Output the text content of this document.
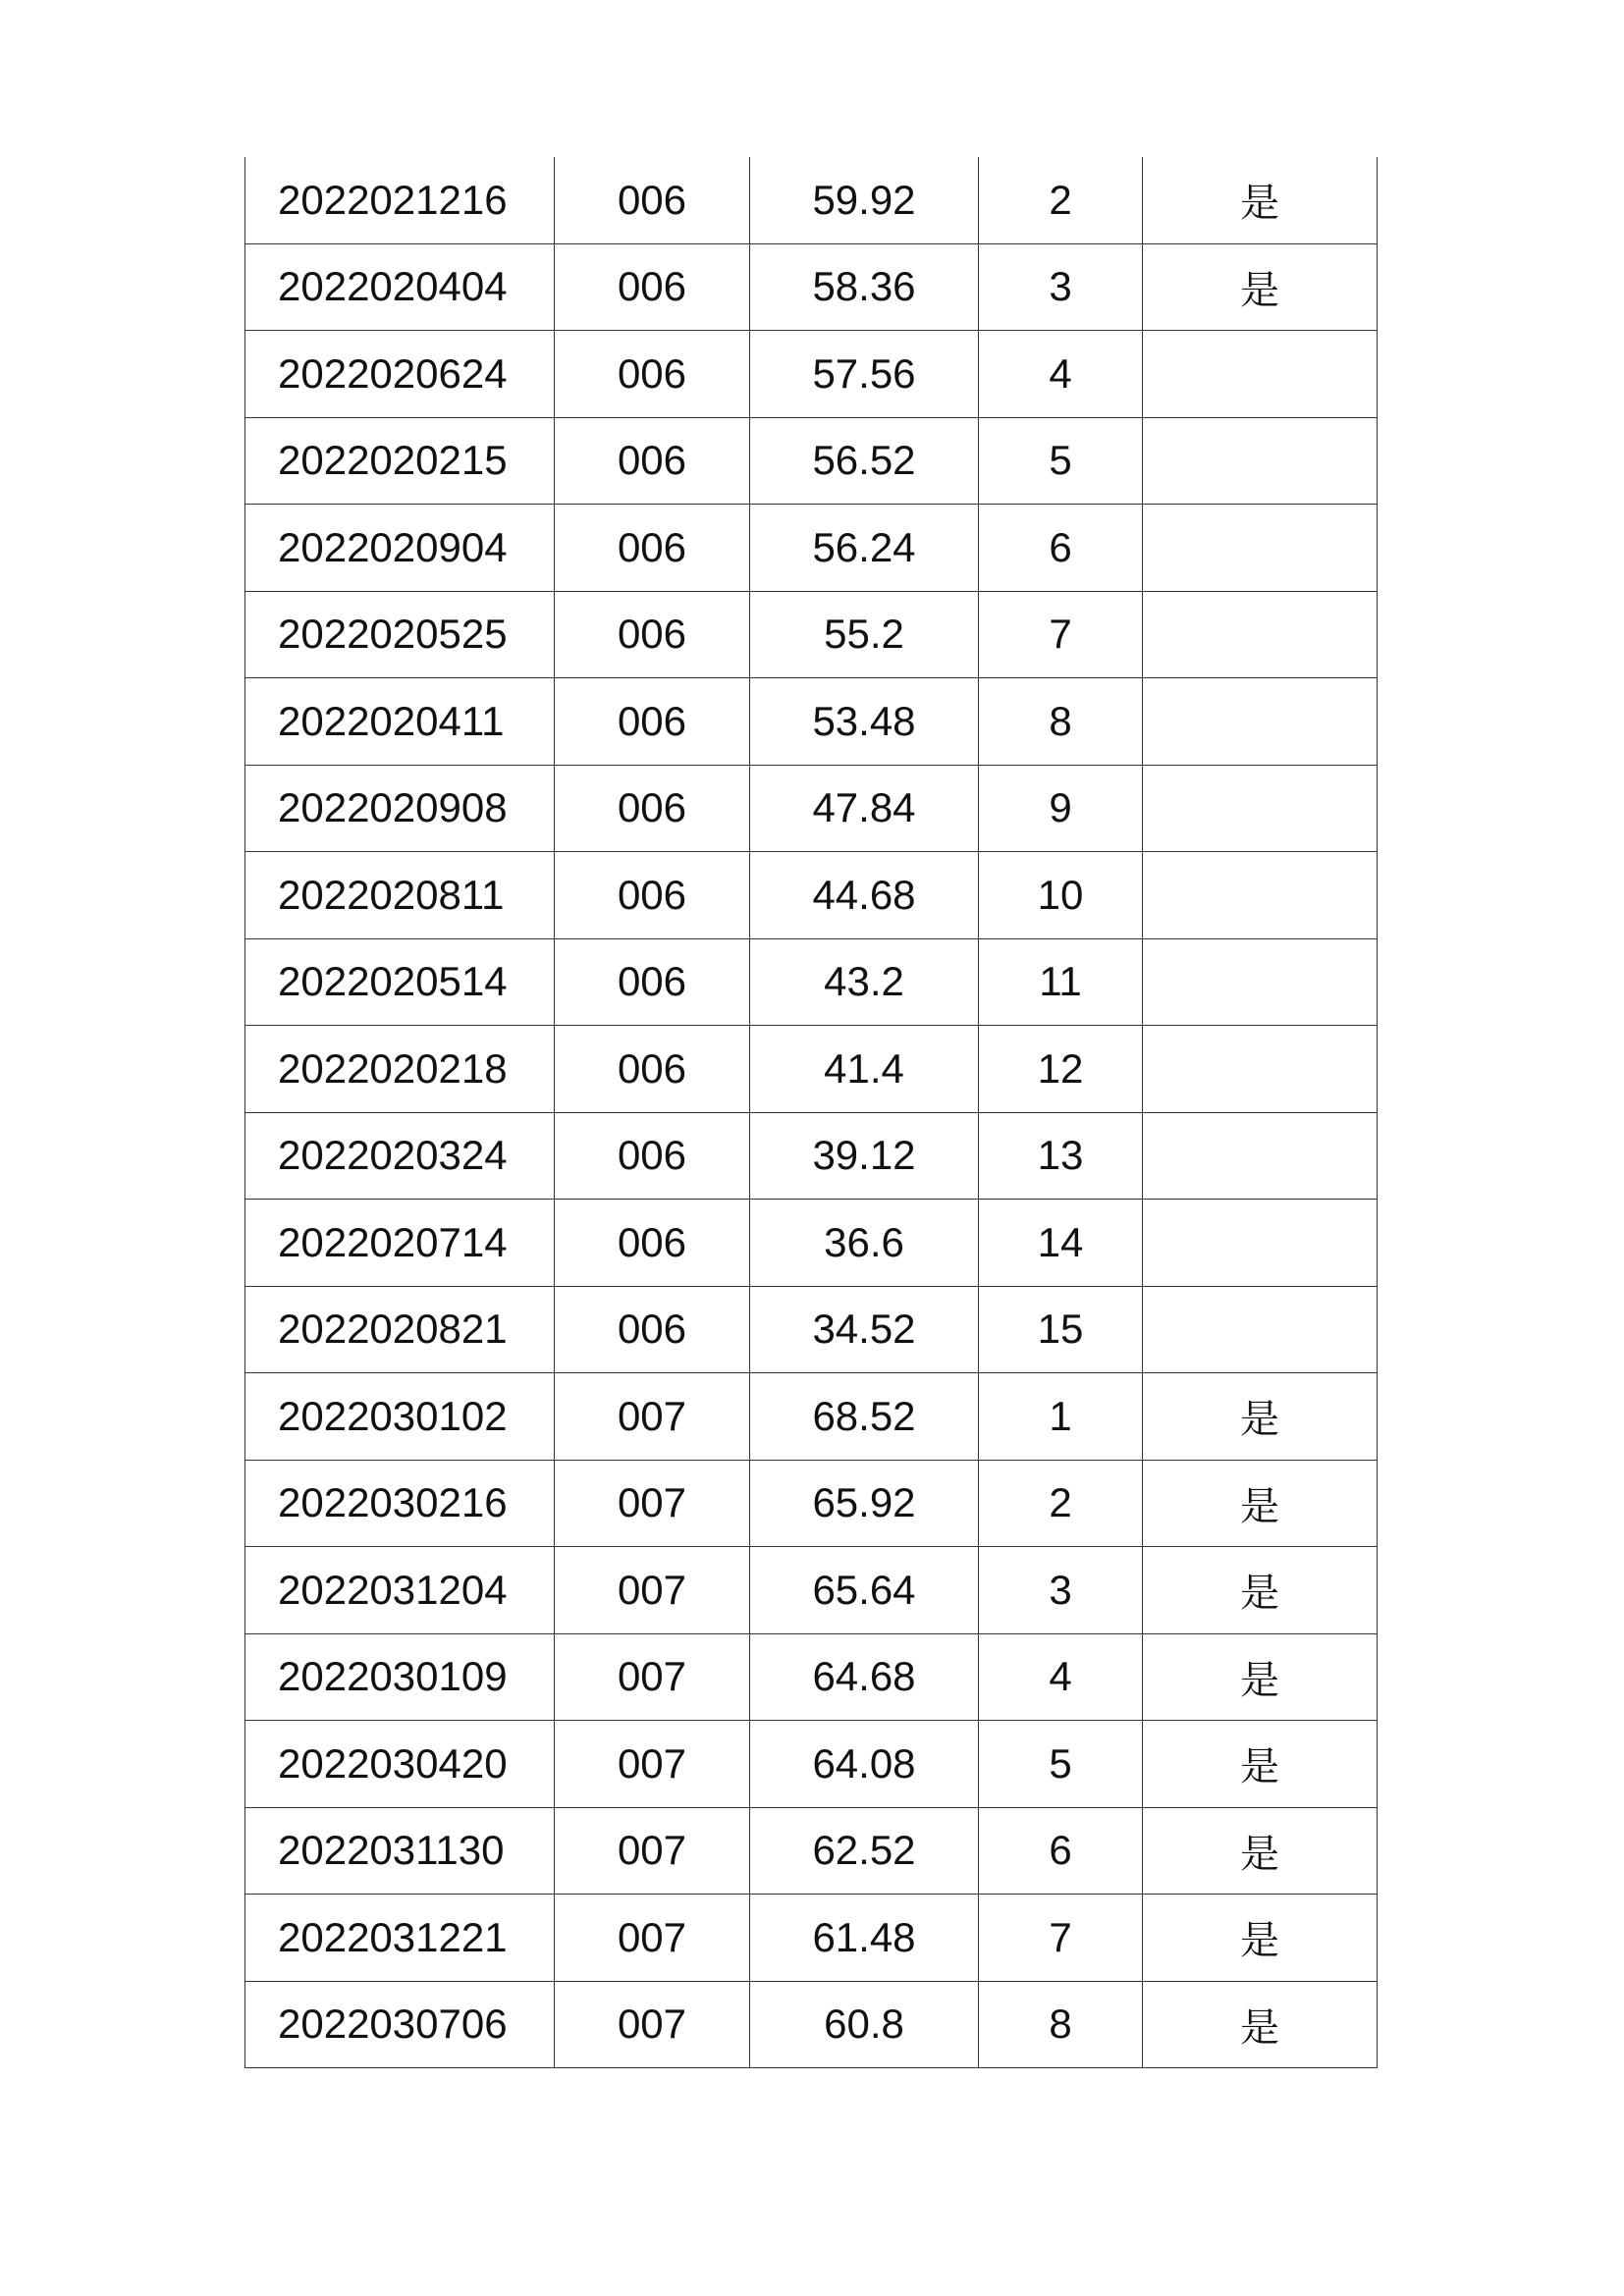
2022021216	006	59.92	2	是
2022020404	006	58.36	3	是
2022020624	006	57.56	4	
2022020215	006	56.52	5	
2022020904	006	56.24	6	
2022020525	006	55.2	7	
2022020411	006	53.48	8	
2022020908	006	47.84	9	
2022020811	006	44.68	10	
2022020514	006	43.2	11	
2022020218	006	41.4	12	
2022020324	006	39.12	13	
2022020714	006	36.6	14	
2022020821	006	34.52	15	
2022030102	007	68.52	1	是
2022030216	007	65.92	2	是
2022031204	007	65.64	3	是
2022030109	007	64.68	4	是
2022030420	007	64.08	5	是
2022031130	007	62.52	6	是
2022031221	007	61.48	7	是
2022030706	007	60.8	8	是
